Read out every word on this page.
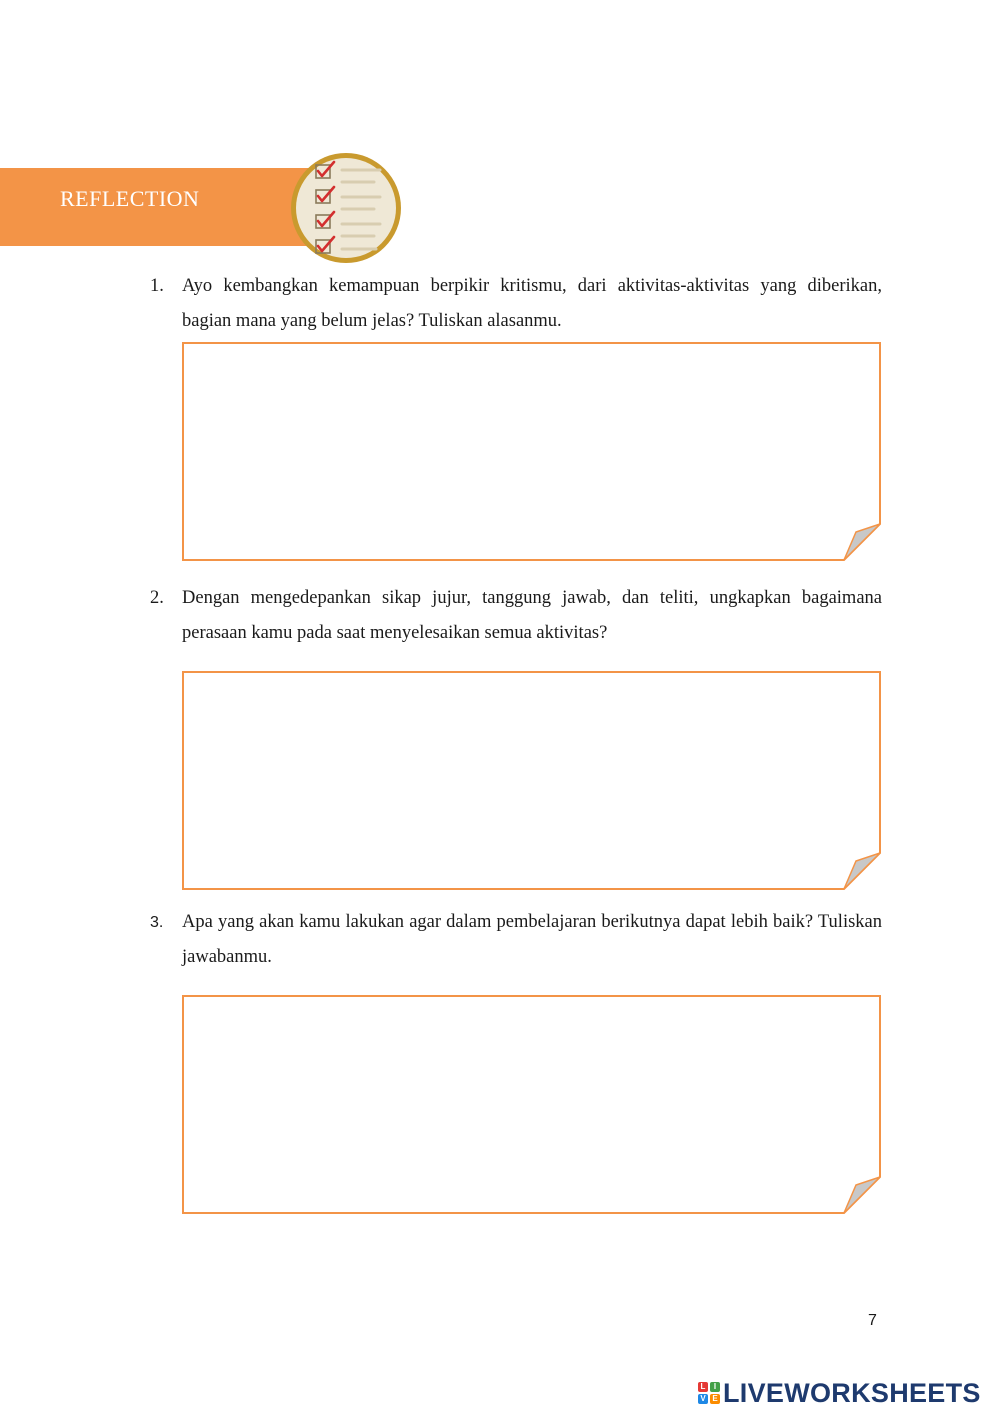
REFLECTION
1. Ayo kembangkan kemampuan berpikir kritismu, dari aktivitas-aktivitas yang diberikan, bagian mana yang belum jelas? Tuliskan alasanmu.
2. Dengan mengedepankan sikap jujur, tanggung jawab, dan teliti, ungkapkan bagaimana perasaan kamu pada saat menyelesaikan semua aktivitas?
3.	Apa yang akan kamu lakukan agar dalam pembelajaran berikutnya dapat lebih baik? Tuliskan jawabanmu.
7
L	I
V E LIVEWORKSHEETS
